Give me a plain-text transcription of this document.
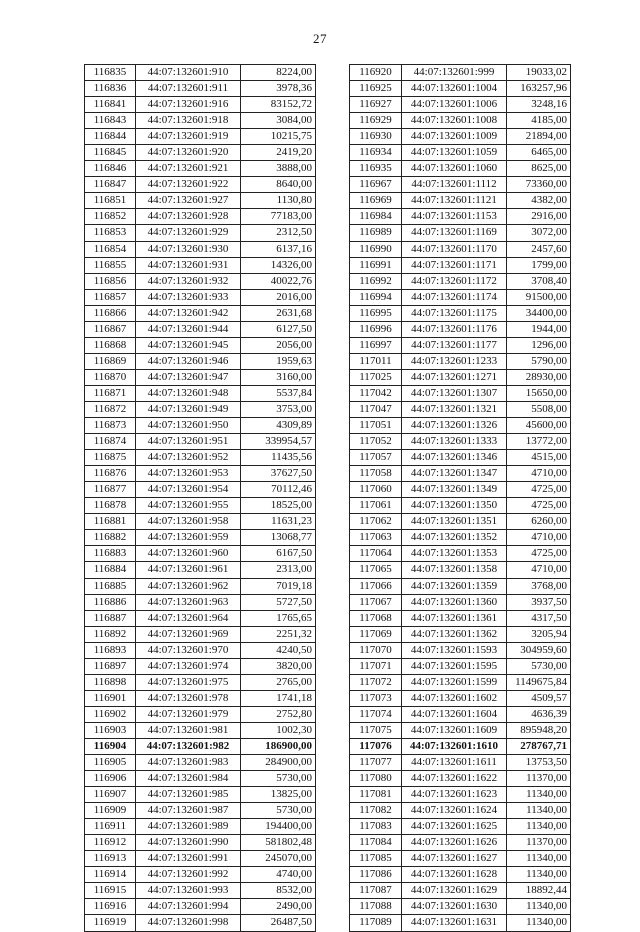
27
116835	44:07:132601:910	8224,00
116836	44:07:132601:911	3978,36
116841	44:07:132601:916	83152,72
116843	44:07:132601:918	3084,00
116844	44:07:132601:919	10215,75
116845	44:07:132601:920	2419,20
116846	44:07:132601:921	3888,00
116847	44:07:132601:922	8640,00
116851	44:07:132601:927	1130,80
116852	44:07:132601:928	77183,00
116853	44:07:132601:929	2312,50
116854	44:07:132601:930	6137,16
116855	44:07:132601:931	14326,00
116856	44:07:132601:932	40022,76
116857	44:07:132601:933	2016,00
116866	44:07:132601:942	2631,68
116867	44:07:132601:944	6127,50
116868	44:07:132601:945	2056,00
116869	44:07:132601:946	1959,63
116870	44:07:132601:947	3160,00
116871	44:07:132601:948	5537,84
116872	44:07:132601:949	3753,00
116873	44:07:132601:950	4309,89
116874	44:07:132601:951	339954,57
116875	44:07:132601:952	11435,56
116876	44:07:132601:953	37627,50
116877	44:07:132601:954	70112,46
116878	44:07:132601:955	18525,00
116881	44:07:132601:958	11631,23
116882	44:07:132601:959	13068,77
116883	44:07:132601:960	6167,50
116884	44:07:132601:961	2313,00
116885	44:07:132601:962	7019,18
116886	44:07:132601:963	5727,50
116887	44:07:132601:964	1765,65
116892	44:07:132601:969	2251,32
116893	44:07:132601:970	4240,50
116897	44:07:132601:974	3820,00
116898	44:07:132601:975	2765,00
116901	44:07:132601:978	1741,18
116902	44:07:132601:979	2752,80
116903	44:07:132601:981	1002,30
116904	44:07:132601:982	186900,00
116905	44:07:132601:983	284900,00
116906	44:07:132601:984	5730,00
116907	44:07:132601:985	13825,00
116909	44:07:132601:987	5730,00
116911	44:07:132601:989	194400,00
116912	44:07:132601:990	581802,48
116913	44:07:132601:991	245070,00
116914	44:07:132601:992	4740,00
116915	44:07:132601:993	8532,00
116916	44:07:132601:994	2490,00
116919	44:07:132601:998	26487,50
116920	44:07:132601:999	19033,02
116925	44:07:132601:1004	163257,96
116927	44:07:132601:1006	3248,16
116929	44:07:132601:1008	4185,00
116930	44:07:132601:1009	21894,00
116934	44:07:132601:1059	6465,00
116935	44:07:132601:1060	8625,00
116967	44:07:132601:1112	73360,00
116969	44:07:132601:1121	4382,00
116984	44:07:132601:1153	2916,00
116989	44:07:132601:1169	3072,00
116990	44:07:132601:1170	2457,60
116991	44:07:132601:1171	1799,00
116992	44:07:132601:1172	3708,40
116994	44:07:132601:1174	91500,00
116995	44:07:132601:1175	34400,00
116996	44:07:132601:1176	1944,00
116997	44:07:132601:1177	1296,00
117011	44:07:132601:1233	5790,00
117025	44:07:132601:1271	28930,00
117042	44:07:132601:1307	15650,00
117047	44:07:132601:1321	5508,00
117051	44:07:132601:1326	45600,00
117052	44:07:132601:1333	13772,00
117057	44:07:132601:1346	4515,00
117058	44:07:132601:1347	4710,00
117060	44:07:132601:1349	4725,00
117061	44:07:132601:1350	4725,00
117062	44:07:132601:1351	6260,00
117063	44:07:132601:1352	4710,00
117064	44:07:132601:1353	4725,00
117065	44:07:132601:1358	4710,00
117066	44:07:132601:1359	3768,00
117067	44:07:132601:1360	3937,50
117068	44:07:132601:1361	4317,50
117069	44:07:132601:1362	3205,94
117070	44:07:132601:1593	304959,60
117071	44:07:132601:1595	5730,00
117072	44:07:132601:1599	1149675,84
117073	44:07:132601:1602	4509,57
117074	44:07:132601:1604	4636,39
117075	44:07:132601:1609	895948,20
117076	44:07:132601:1610	278767,71
117077	44:07:132601:1611	13753,50
117080	44:07:132601:1622	11370,00
117081	44:07:132601:1623	11340,00
117082	44:07:132601:1624	11340,00
117083	44:07:132601:1625	11340,00
117084	44:07:132601:1626	11370,00
117085	44:07:132601:1627	11340,00
117086	44:07:132601:1628	11340,00
117087	44:07:132601:1629	18892,44
117088	44:07:132601:1630	11340,00
117089	44:07:132601:1631	11340,00
